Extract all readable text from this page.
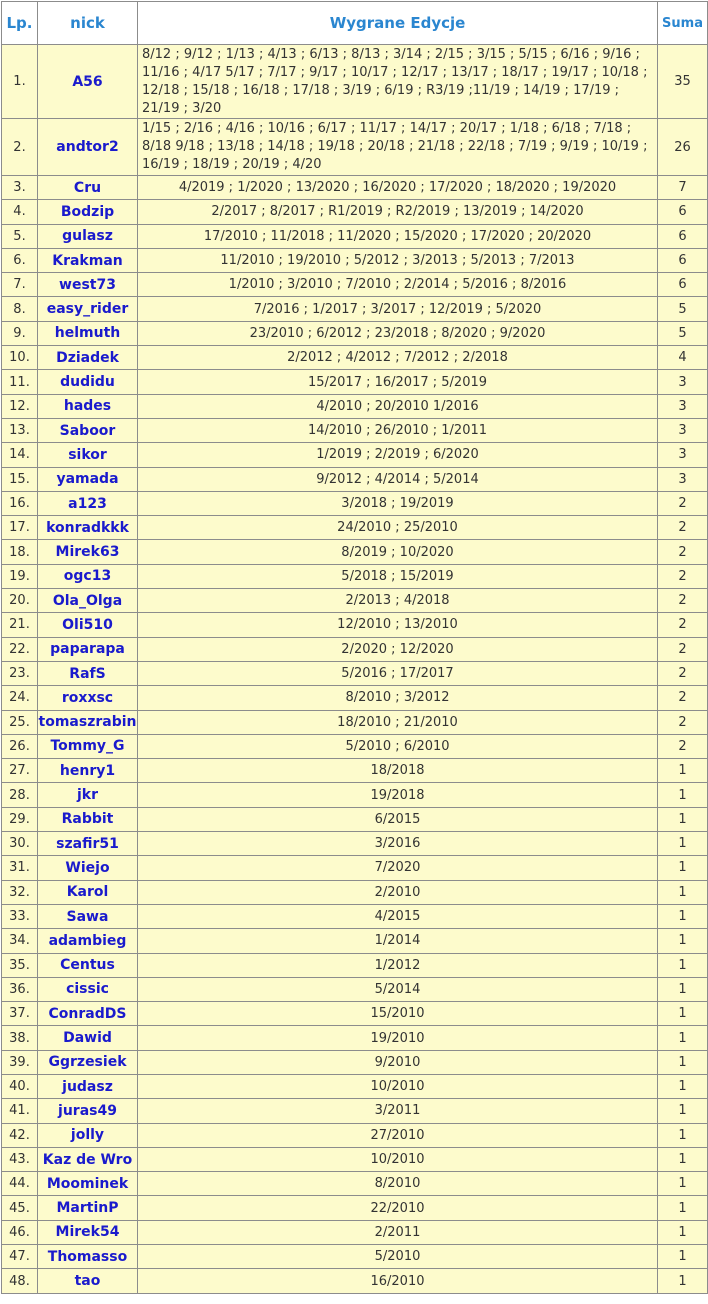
Lp.	nick	Wygrane Edycje	Suma
1.	A56	8/12 ; 9/12 ; 1/13 ; 4/13 ; 6/13 ; 8/13 ; 3/14 ; 2/15 ; 3/15 ; 5/15 ; 6/16 ; 9/16 ; 11/16 ; 4/17 5/17 ; 7/17 ; 9/17 ; 10/17 ; 12/17 ; 13/17 ; 18/17 ; 19/17 ; 10/18 ; 12/18 ; 15/18 ; 16/18 ; 17/18 ; 3/19 ; 6/19 ; R3/19 ;11/19 ; 14/19 ; 17/19 ; 21/19 ; 3/20	35
2.	andtor2	1/15 ; 2/16 ; 4/16 ; 10/16 ; 6/17 ; 11/17 ; 14/17 ; 20/17 ; 1/18 ; 6/18 ; 7/18 ; 8/18 9/18 ; 13/18 ; 14/18 ; 19/18 ; 20/18 ; 21/18 ; 22/18 ; 7/19 ; 9/19 ; 10/19 ; 16/19 ; 18/19 ; 20/19 ; 4/20	26
3.	Cru	4/2019 ; 1/2020 ; 13/2020 ; 16/2020 ; 17/2020 ; 18/2020 ; 19/2020	7
4.	Bodzip	2/2017 ; 8/2017 ; R1/2019 ; R2/2019 ; 13/2019 ; 14/2020	6
5.	gulasz	17/2010 ; 11/2018 ; 11/2020 ; 15/2020 ; 17/2020 ; 20/2020	6
6.	Krakman	11/2010 ; 19/2010 ; 5/2012 ; 3/2013 ; 5/2013 ; 7/2013	6
7.	west73	1/2010 ; 3/2010 ; 7/2010 ; 2/2014 ; 5/2016 ; 8/2016	6
8.	easy_rider	7/2016 ; 1/2017 ; 3/2017 ; 12/2019 ; 5/2020	5
9.	helmuth	23/2010 ; 6/2012 ; 23/2018 ; 8/2020 ; 9/2020	5
10.	Dziadek	2/2012 ; 4/2012 ; 7/2012 ; 2/2018	4
11.	dudidu	15/2017 ; 16/2017 ; 5/2019	3
12.	hades	4/2010 ; 20/2010 1/2016	3
13.	Saboor	14/2010 ; 26/2010 ; 1/2011	3
14.	sikor	1/2019 ; 2/2019 ; 6/2020	3
15.	yamada	9/2012 ; 4/2014 ; 5/2014	3
16.	a123	3/2018 ; 19/2019	2
17.	konradkkk	24/2010 ; 25/2010	2
18.	Mirek63	8/2019 ; 10/2020	2
19.	ogc13	5/2018 ; 15/2019	2
20.	Ola_Olga	2/2013 ; 4/2018	2
21.	Oli510	12/2010 ; 13/2010	2
22.	paparapa	2/2020 ; 12/2020	2
23.	RafS	5/2016 ; 17/2017	2
24.	roxxsc	8/2010 ; 3/2012	2
25.	tomaszrabin	18/2010 ; 21/2010	2
26.	Tommy_G	5/2010 ; 6/2010	2
27.	henry1	18/2018	1
28.	jkr	19/2018	1
29.	Rabbit	6/2015	1
30.	szafir51	3/2016	1
31.	Wiejo	7/2020	1
32.	Karol	2/2010	1
33.	Sawa	4/2015	1
34.	adambieg	1/2014	1
35.	Centus	1/2012	1
36.	cissic	5/2014	1
37.	ConradDS	15/2010	1
38.	Dawid	19/2010	1
39.	Ggrzesiek	9/2010	1
40.	judasz	10/2010	1
41.	juras49	3/2011	1
42.	jolly	27/2010	1
43.	Kaz de Wro	10/2010	1
44.	Moominek	8/2010	1
45.	MartinP	22/2010	1
46.	Mirek54	2/2011	1
47.	Thomasso	5/2010	1
48.	tao	16/2010	1
